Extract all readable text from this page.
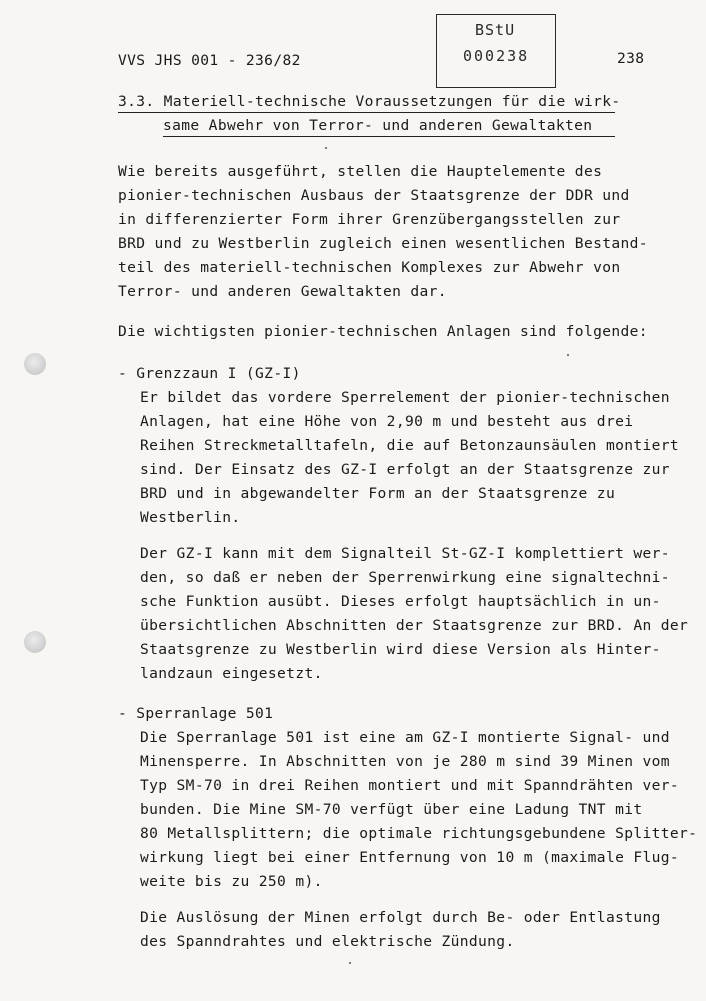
VVS JHS 001 - 236/82
BStU
000238	238
3.3. Materiell-technische Voraussetzungen für die wirk-
same Abwehr von Terror- und anderen Gewaltakten
Wie bereits ausgeführt, stellen die Hauptelemente des
pionier-technischen Ausbaus der Staatsgrenze der DDR und
in differenzierter Form ihrer Grenzübergangsstellen zur
BRD und zu Westberlin zugleich einen wesentlichen Bestand-
teil des materiell-technischen Komplexes zur Abwehr von
Terror- und anderen Gewaltakten dar.
Die wichtigsten pionier-technischen Anlagen sind folgende:
- Grenzzaun I (GZ-I)
Er bildet das vordere Sperrelement der pionier-technischen
Anlagen, hat eine Höhe von 2,90 m und besteht aus drei
Reihen Streckmetalltafeln, die auf Betonzaunsäulen montiert
sind. Der Einsatz des GZ-I erfolgt an der Staatsgrenze zur
BRD und in abgewandelter Form an der Staatsgrenze zu
Westberlin.
Der GZ-I kann mit dem Signalteil St-GZ-I komplettiert wer-
den, so daß er neben der Sperrenwirkung eine signaltechni-
sche Funktion ausübt. Dieses erfolgt hauptsächlich in un-
übersichtlichen Abschnitten der Staatsgrenze zur BRD. An der
Staatsgrenze zu Westberlin wird diese Version als Hinter-
landzaun eingesetzt.
- Sperranlage 501
Die Sperranlage 501 ist eine am GZ-I montierte Signal- und
Minensperre. In Abschnitten von je 280 m sind 39 Minen vom
Typ SM-70 in drei Reihen montiert und mit Spanndrähten ver-
bunden. Die Mine SM-70 verfügt über eine Ladung TNT mit
80 Metallsplittern; die optimale richtungsgebundene Splitter-
wirkung liegt bei einer Entfernung von 10 m (maximale Flug-
weite bis zu 250 m).
Die Auslösung der Minen erfolgt durch Be- oder Entlastung
des Spanndrahtes und elektrische Zündung.
